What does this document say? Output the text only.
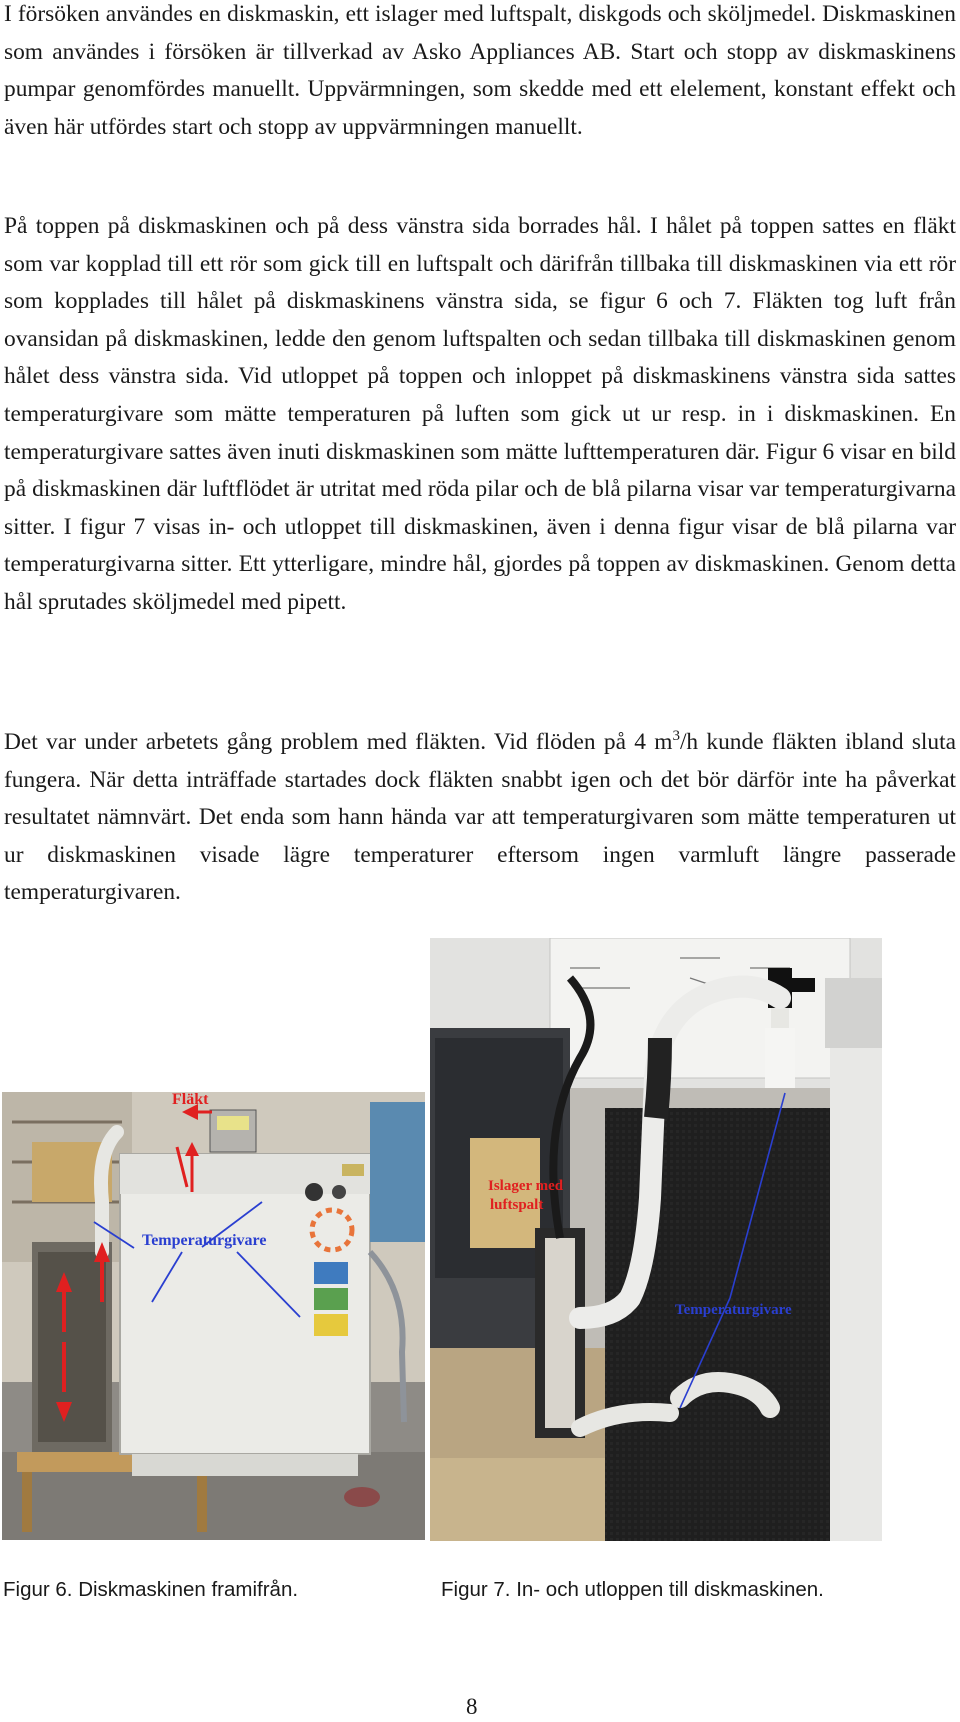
I försöken användes en diskmaskin, ett islager med luftspalt, diskgods och sköljmedel. Diskmaskinen som användes i försöken är tillverkad av Asko Appliances AB. Start och stopp av diskmaskinens pumpar genomfördes manuellt. Uppvärmningen, som skedde med ett elelement, konstant effekt och även här utfördes start och stopp av uppvärmningen manuellt.

På toppen på diskmaskinen och på dess vänstra sida borrades hål. I hålet på toppen sattes en fläkt som var kopplad till ett rör som gick till en luftspalt och därifrån tillbaka till diskmaskinen via ett rör som kopplades till hålet på diskmaskinens vänstra sida, se figur 6 och 7. Fläkten tog luft från ovansidan på diskmaskinen, ledde den genom luftspalten och sedan tillbaka till diskmaskinen genom hålet dess vänstra sida. Vid utloppet på toppen och inloppet på diskmaskinens vänstra sida sattes temperaturgivare som mätte temperaturen på luften som gick ut ur resp. in i diskmaskinen. En temperaturgivare sattes även inuti diskmaskinen som mätte lufttemperaturen där. Figur 6 visar en bild på diskmaskinen där luftflödet är utritat med röda pilar och de blå pilarna visar var temperaturgivarna sitter. I figur 7 visas in- och utloppet till diskmaskinen, även i denna figur visar de blå pilarna var temperaturgivarna sitter. Ett ytterligare, mindre hål, gjordes på toppen av diskmaskinen. Genom detta hål sprutades sköljmedel med pipett.

Det var under arbetets gång problem med fläkten. Vid flöden på 4 $m^3/h$ kunde fläkten ibland sluta fungera. När detta inträffade startades dock fläkten snabbt igen och det bör därför inte ha påverkat resultatet nämnvärt. Det enda som hann hända var att temperaturgivaren som mätte temperaturen ut ur diskmaskinen visade lägre temperaturer eftersom ingen varmluft längre passerade temperaturgivaren.

Fläkt
Temperaturgivare
Islager med
luftspalt
Temperaturgivare
Figur 6. Diskmaskinen framifrån.	Figur 7. In- och utloppen till diskmaskinen.
8
